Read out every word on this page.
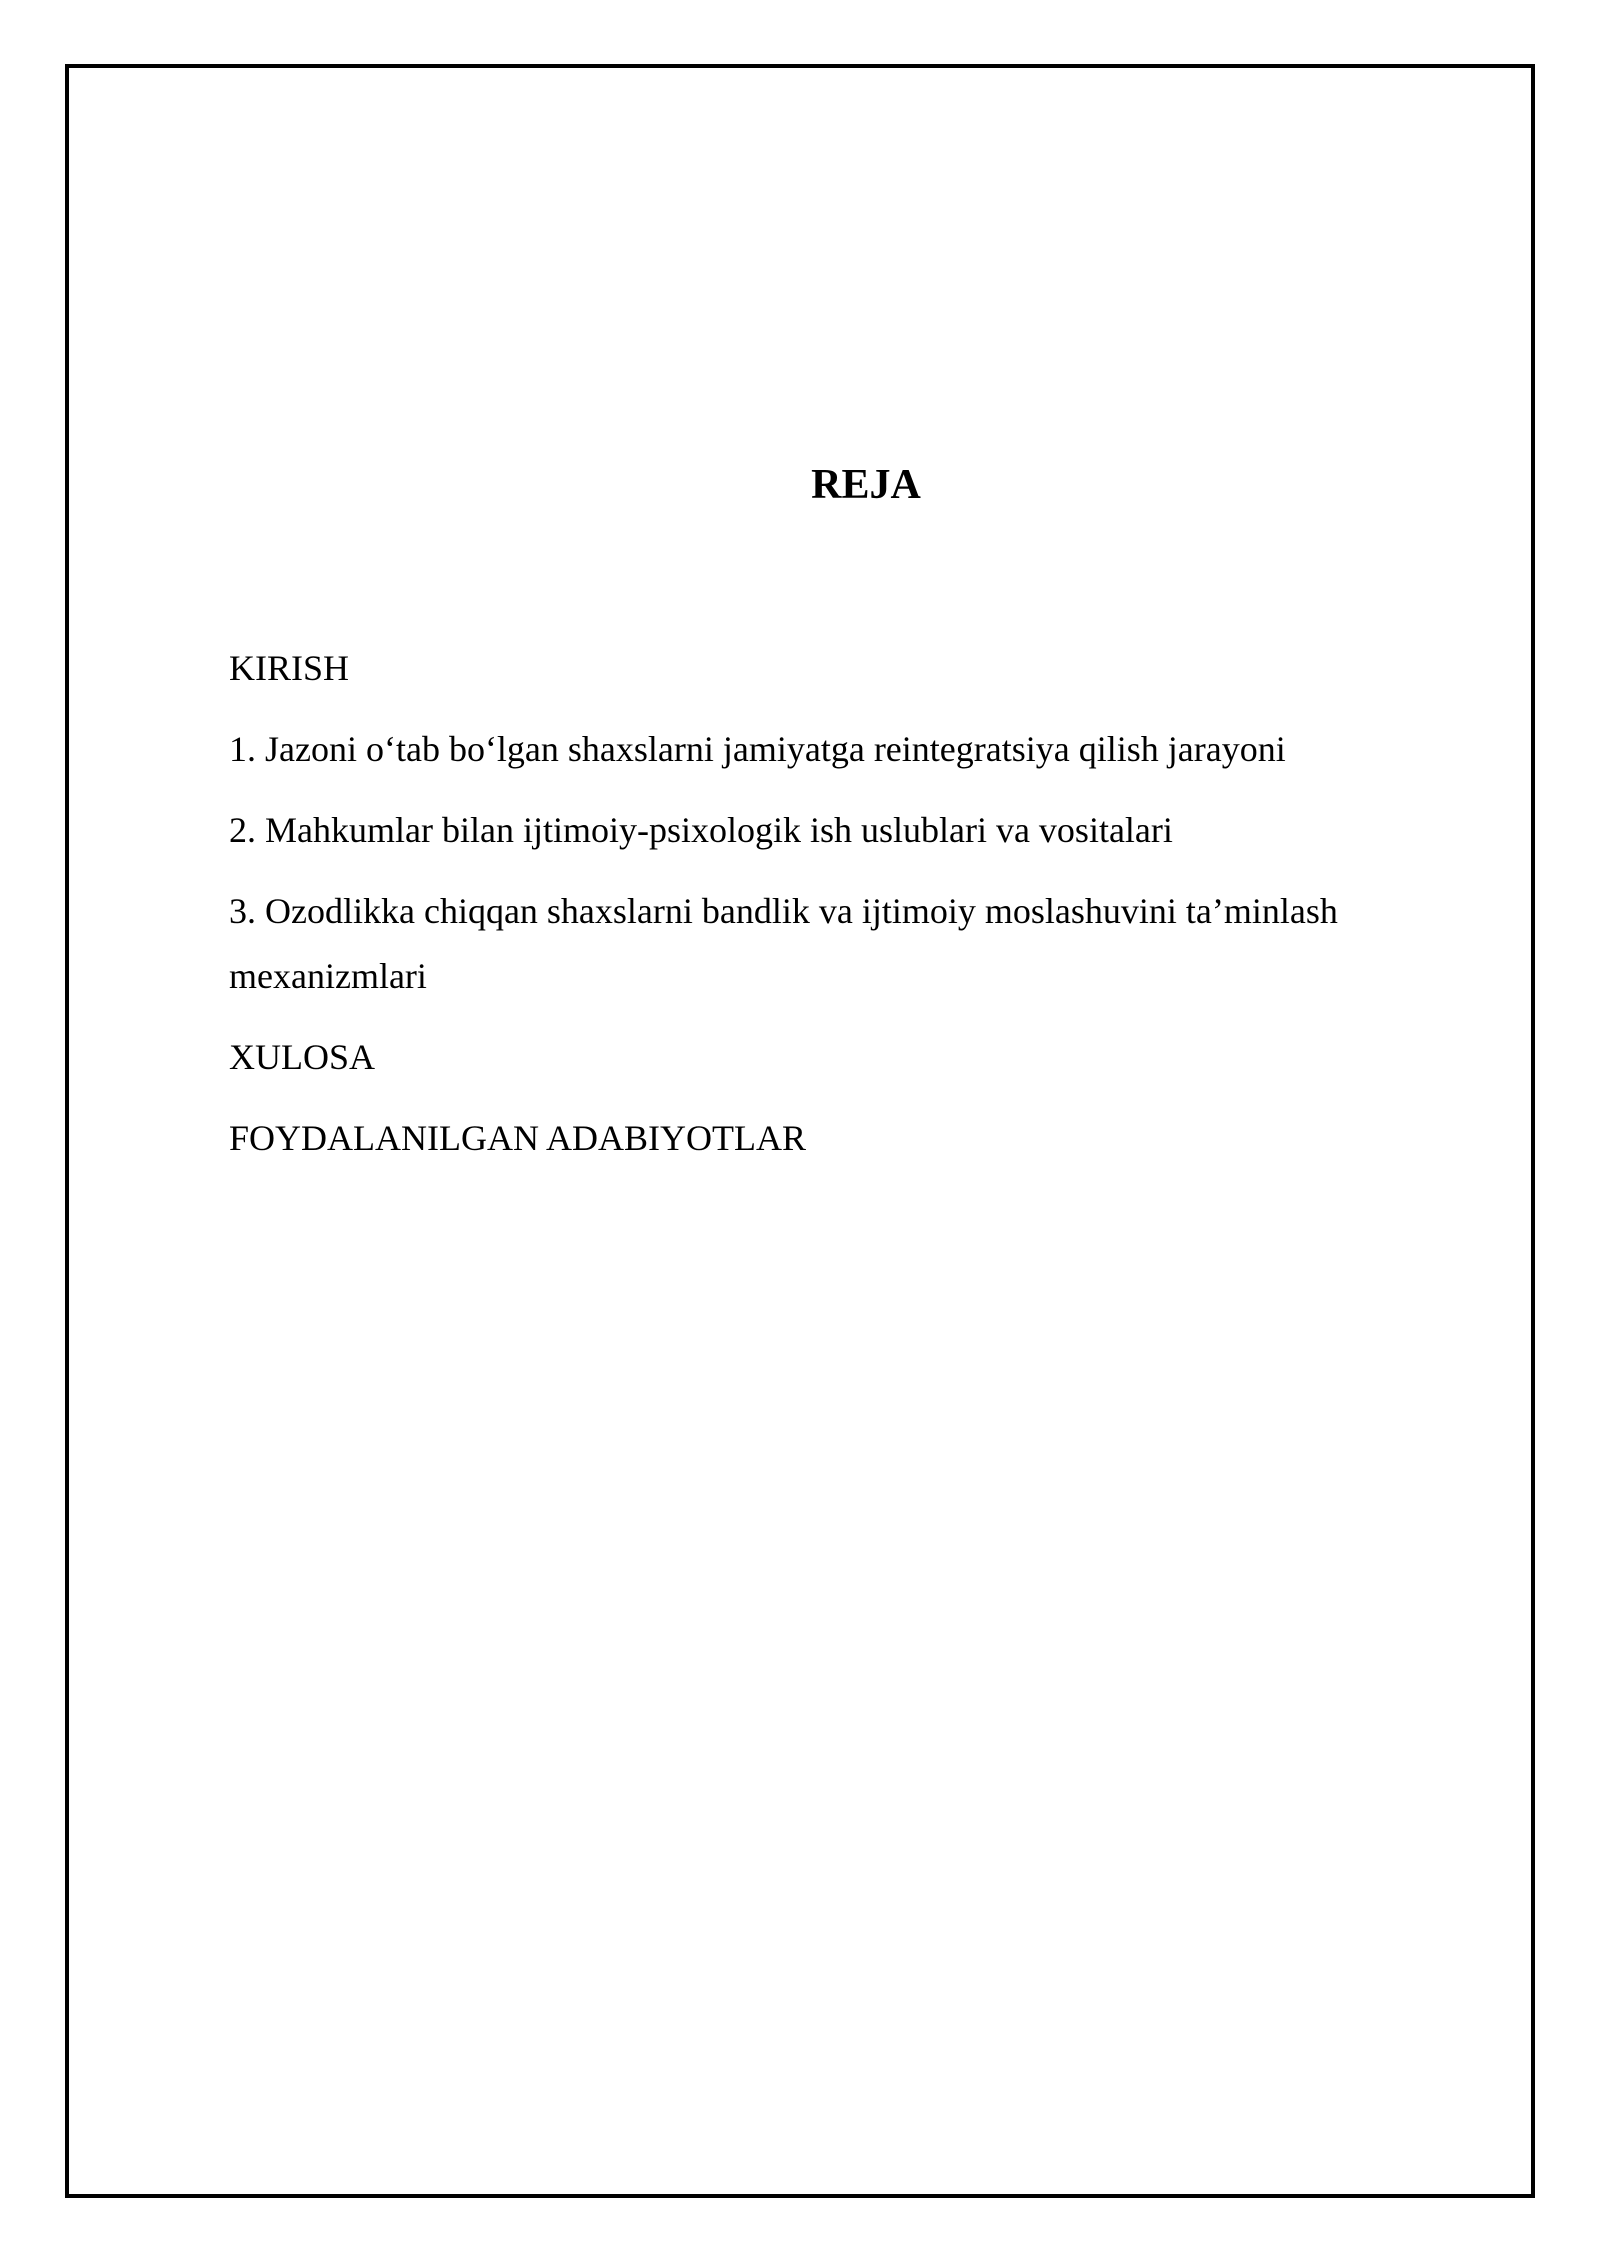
REJA
KIRISH
1. Jazoni o‘tab bo‘lgan shaxslarni jamiyatga reintegratsiya qilish jarayoni
2. Mahkumlar bilan ijtimoiy-psixologik ish uslublari va vositalari
3. Ozodlikka chiqqan shaxslarni bandlik va ijtimoiy moslashuvini ta’minlash mexanizmlari
XULOSA
FOYDALANILGAN ADABIYOTLAR
